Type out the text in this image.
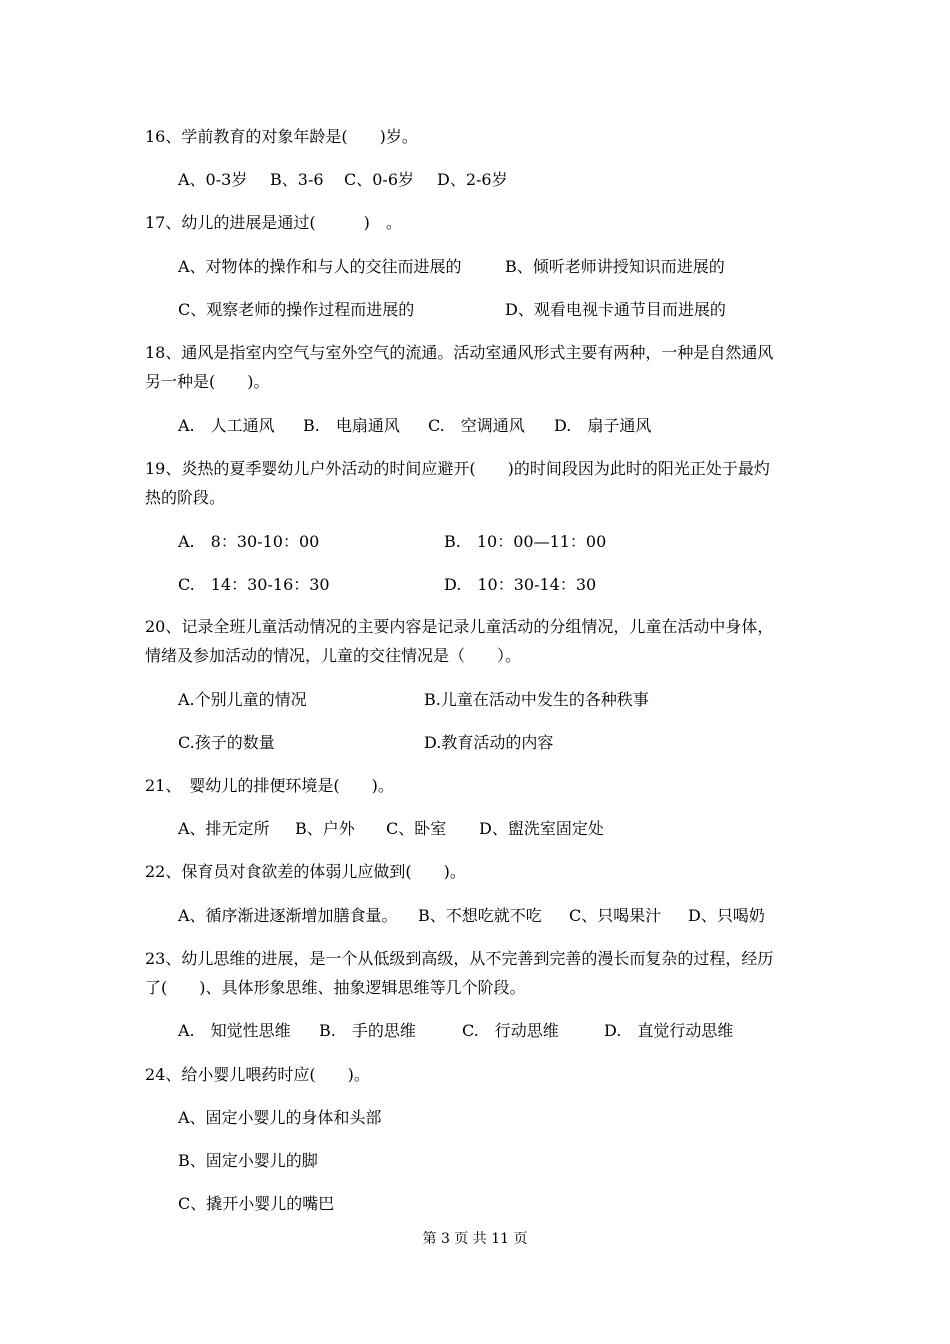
16、学前教育的对象年龄是(　　)岁。
A、0-3岁 B、3-6 C、0-6岁 D、2-6岁
17、幼儿的进展是通过(　　　)　。
A、对物体的操作和与人的交往而进展的	B、倾听老师讲授知识而进展的
C、观察老师的操作过程而进展的	D、观看电视卡通节目而进展的
18、通风是指室内空气与室外空气的流通。活动室通风形式主要有两种，一种是自然通风
另一种是(　　)。
A.　人工通风 B.　电扇通风 C.　空调通风 D.　扇子通风
19、炎热的夏季婴幼儿户外活动的时间应避开(　　)的时间段因为此时的阳光正处于最灼
热的阶段。
A.　8：30-10：00	B.　10：00—11：00
C.　14：30-16：30	D.　10：30-14：30
20、记录全班儿童活动情况的主要内容是记录儿童活动的分组情况，儿童在活动中身体，
情绪及参加活动的情况，儿童的交往情况是（　　）。
A.个别儿童的情况	B.儿童在活动中发生的各种秩事
C.孩子的数量	D.教育活动的内容
21、　婴幼儿的排便环境是(　　)。
A、排无定所 B、户外 C、卧室 D、盥洗室固定处
22、保育员对食欲差的体弱儿应做到(　　)。
A、循序渐进逐渐增加膳食量。 B、不想吃就不吃 C、只喝果汁 D、只喝奶
23、幼儿思维的进展，是一个从低级到高级，从不完善到完善的漫长而复杂的过程，经历
了(　　)、具体形象思维、抽象逻辑思维等几个阶段。
A.　知觉性思维 B.　手的思维	C.　行动思维	D.　直觉行动思维
24、给小婴儿喂药时应(　　)。
A、固定小婴儿的身体和头部
B、固定小婴儿的脚
C、撬开小婴儿的嘴巴
第 3 页 共 11 页
